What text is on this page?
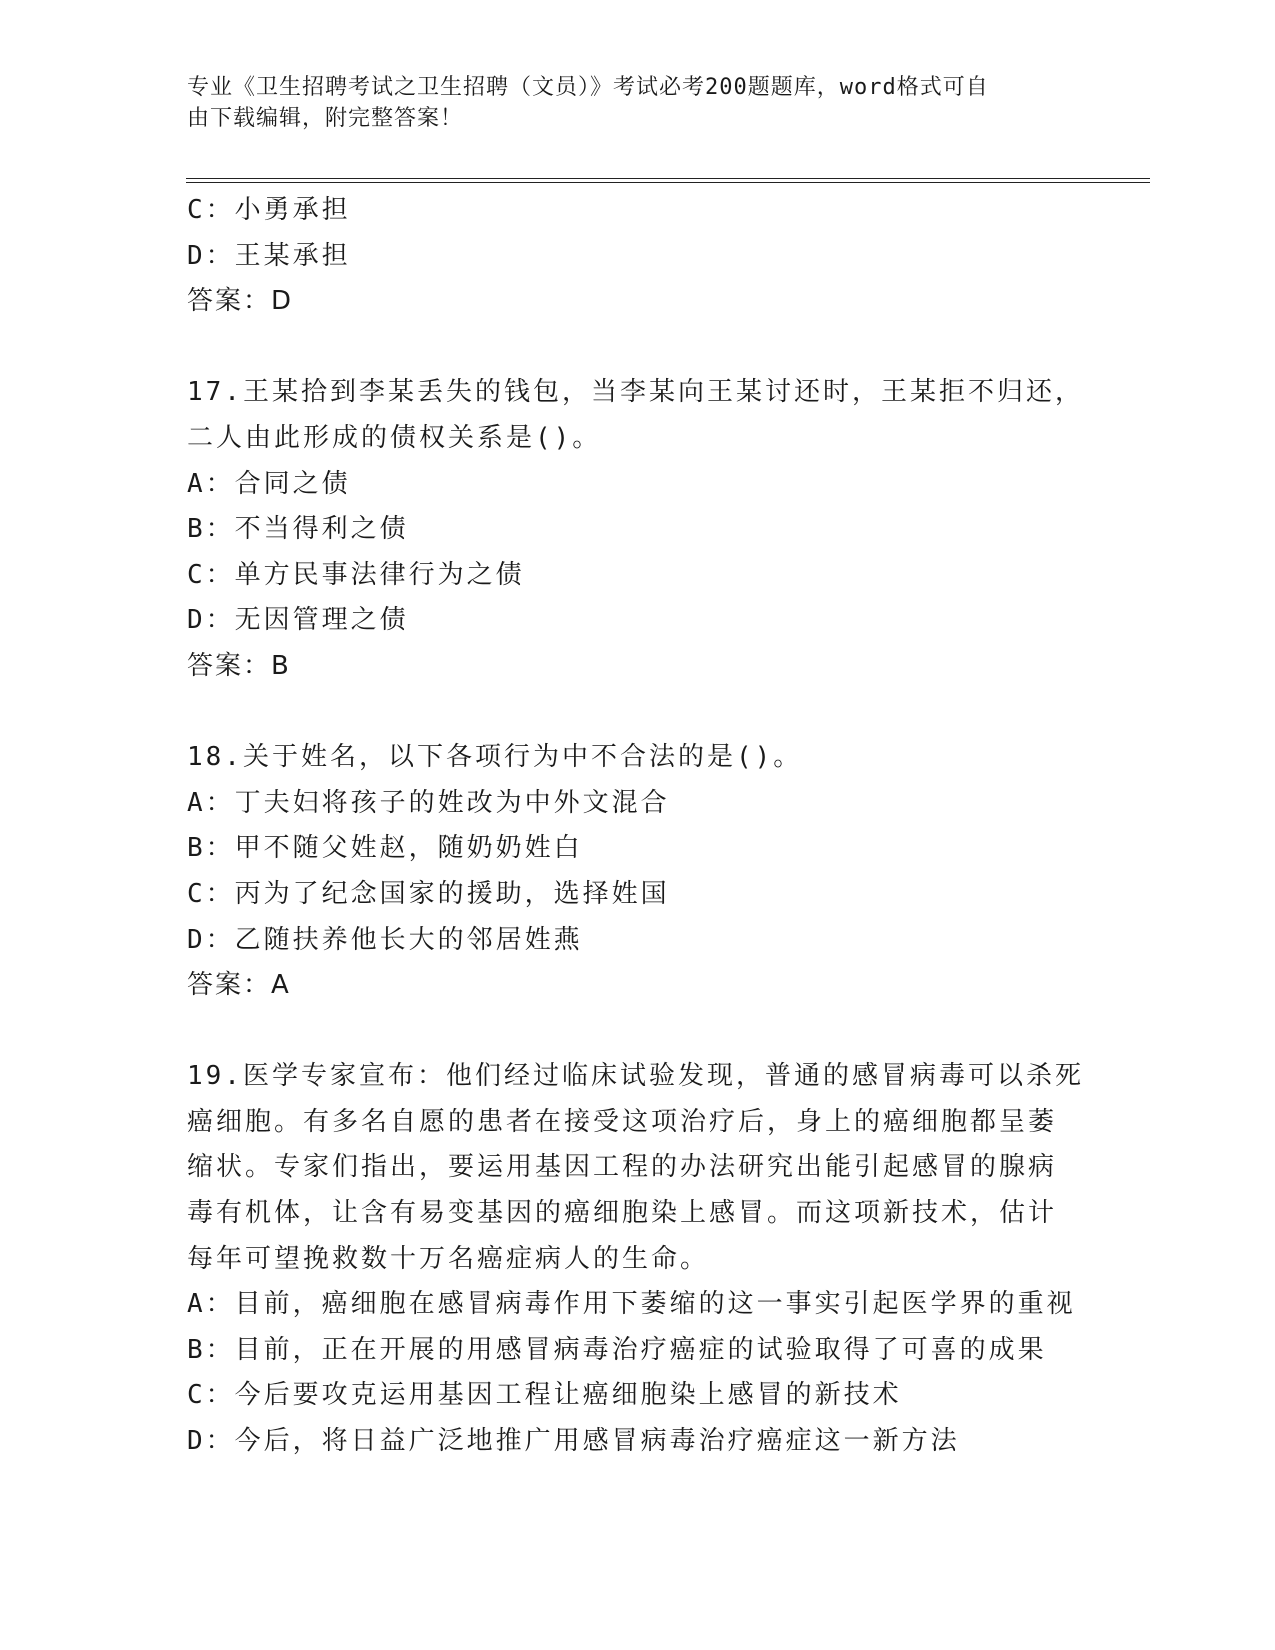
专业《卫生招聘考试之卫生招聘（文员）》考试必考200题题库，word格式可自
由下载编辑，附完整答案！
C：小勇承担
D：王某承担
答案：D
17.王某拾到李某丢失的钱包，当李某向王某讨还时，王某拒不归还，
二人由此形成的债权关系是()。
A：合同之债
B：不当得利之债
C：单方民事法律行为之债
D：无因管理之债
答案：B
18.关于姓名，以下各项行为中不合法的是()。
A：丁夫妇将孩子的姓改为中外文混合
B：甲不随父姓赵，随奶奶姓白
C：丙为了纪念国家的援助，选择姓国
D：乙随扶养他长大的邻居姓燕
答案：A
19.医学专家宣布：他们经过临床试验发现，普通的感冒病毒可以杀死
癌细胞。有多名自愿的患者在接受这项治疗后，身上的癌细胞都呈萎
缩状。专家们指出，要运用基因工程的办法研究出能引起感冒的腺病
毒有机体，让含有易变基因的癌细胞染上感冒。而这项新技术，估计
每年可望挽救数十万名癌症病人的生命。
A：目前，癌细胞在感冒病毒作用下萎缩的这一事实引起医学界的重视
B：目前，正在开展的用感冒病毒治疗癌症的试验取得了可喜的成果
C：今后要攻克运用基因工程让癌细胞染上感冒的新技术
D：今后，将日益广泛地推广用感冒病毒治疗癌症这一新方法
